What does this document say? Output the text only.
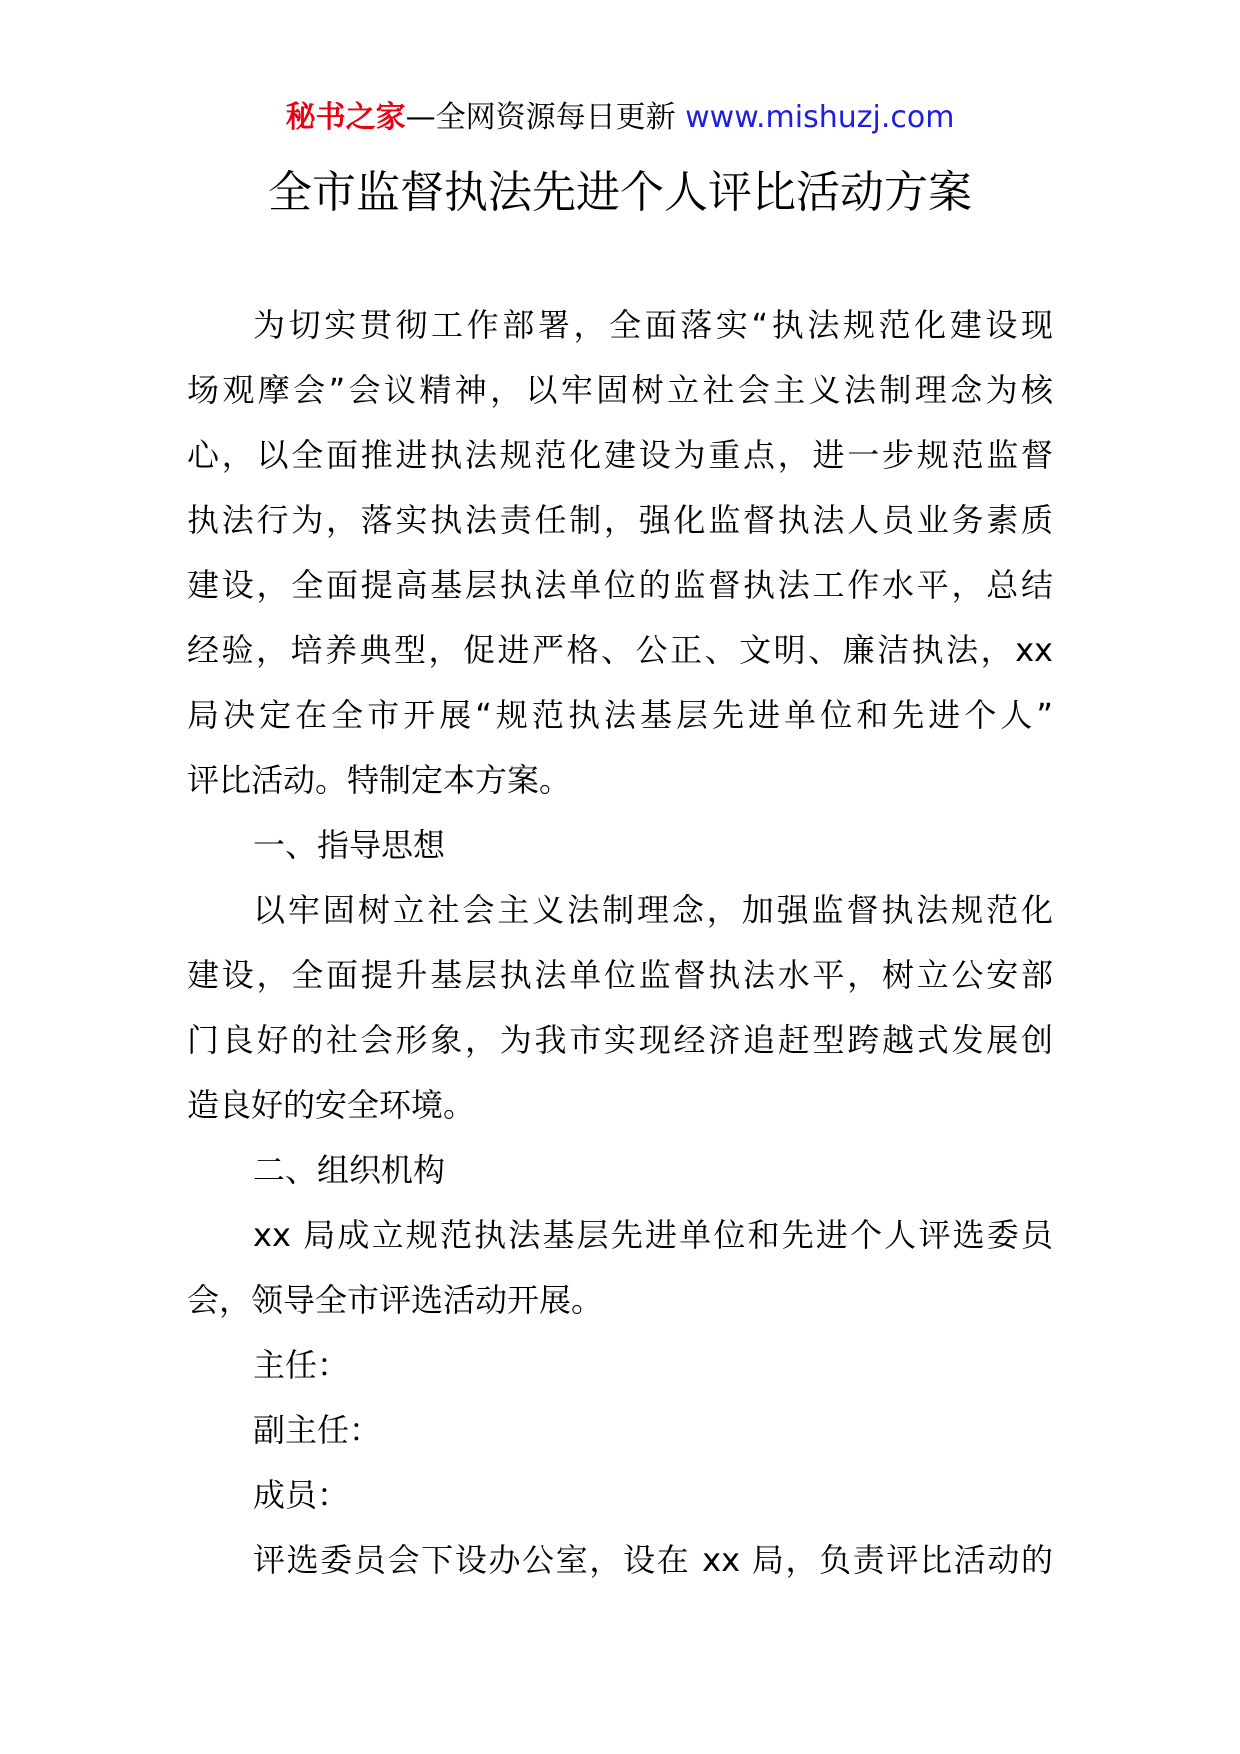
秘书之家—全网资源每日更新 www.mishuzj.com
全市监督执法先进个人评比活动方案
为切实贯彻工作部署，全面落实“执法规范化建设现
场观摩会”会议精神，以牢固树立社会主义法制理念为核
心，以全面推进执法规范化建设为重点，进一步规范监督
执法行为，落实执法责任制，强化监督执法人员业务素质
建设，全面提高基层执法单位的监督执法工作水平，总结
经验，培养典型，促进严格、公正、文明、廉洁执法，xx
局决定在全市开展“规范执法基层先进单位和先进个人”
评比活动。特制定本方案。
一、指导思想
以牢固树立社会主义法制理念，加强监督执法规范化
建设，全面提升基层执法单位监督执法水平，树立公安部
门良好的社会形象，为我市实现经济追赶型跨越式发展创
造良好的安全环境。
二、组织机构
xx 局成立规范执法基层先进单位和先进个人评选委员
会，领导全市评选活动开展。
主任：
副主任：
成员：
评选委员会下设办公室，设在 xx 局，负责评比活动的
